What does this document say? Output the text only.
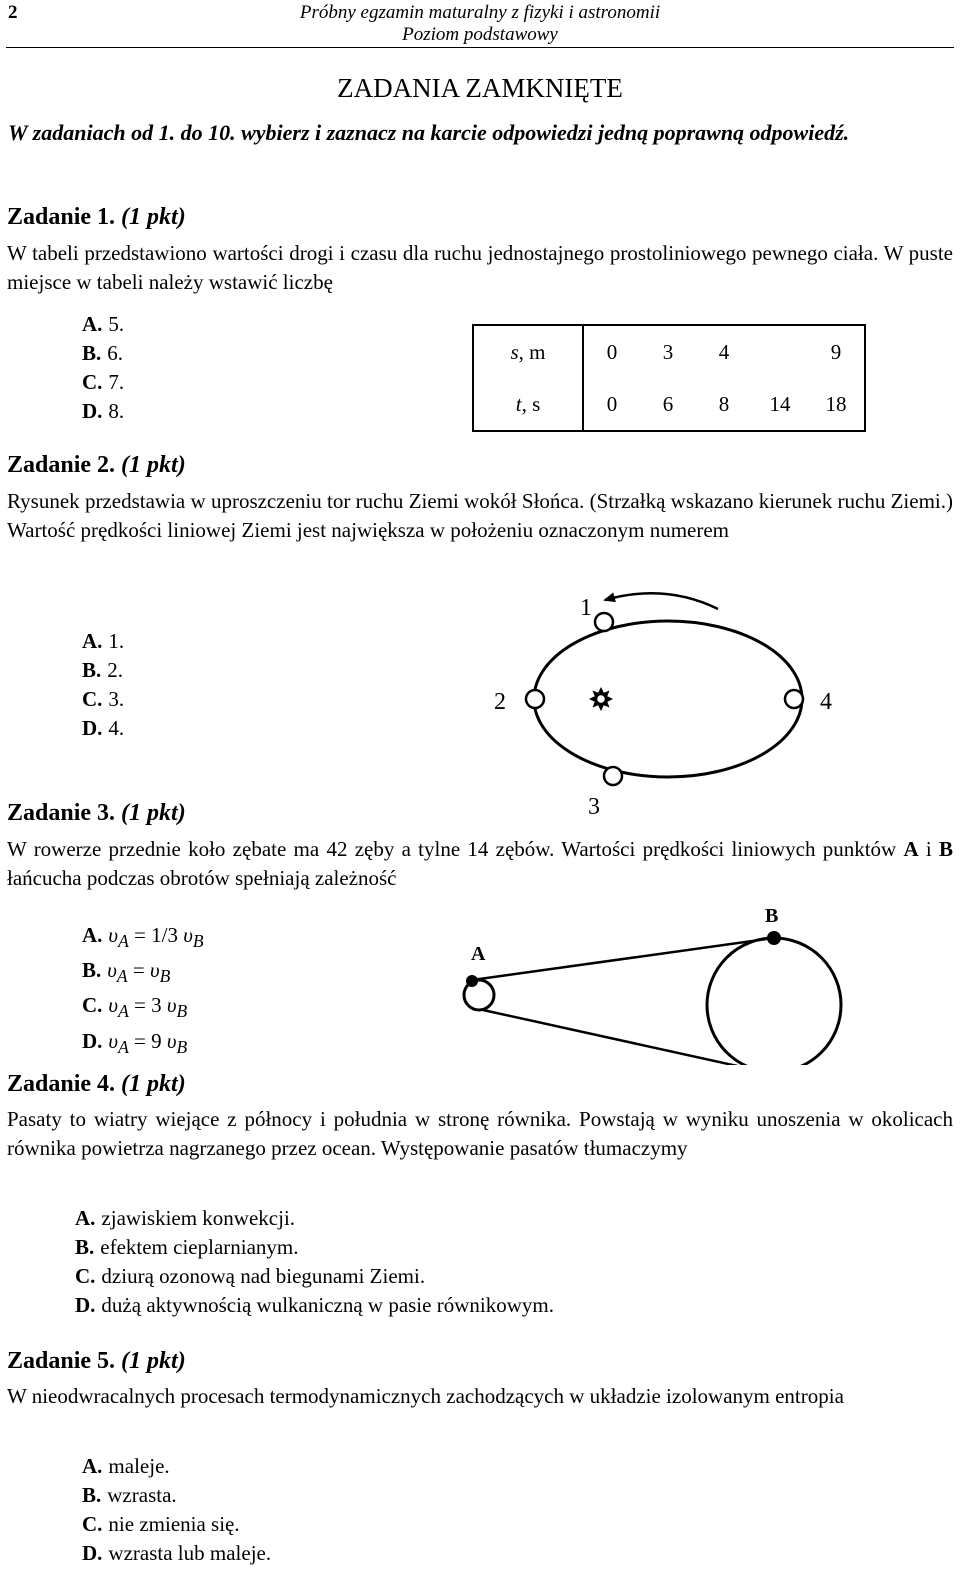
2	Próbny egzamin maturalny z fizyki i astronomii
Poziom podstawowy
ZADANIA ZAMKNIĘTE
W zadaniach od 1. do 10. wybierz i zaznacz na karcie odpowiedzi jedną poprawną odpowiedź.
Zadanie 1. (1 pkt)
W tabeli przedstawiono wartości drogi i czasu dla ruchu jednostajnego prostoliniowego pewnego ciała. W puste miejsce w tabeli należy wstawić liczbę
A. 5.
B. 6.
C. 7.
D. 8.
s, m	0	3	4		9
t, s	0	6	8	14	18
Zadanie 2. (1 pkt)
Rysunek przedstawia w uproszczeniu tor ruchu Ziemi wokół Słońca. (Strzałką wskazano kierunek ruchu Ziemi.) Wartość prędkości liniowej Ziemi jest największa w położeniu oznaczonym numerem
A. 1.
B. 2.
C. 3.
D. 4.
1
2
3
4
Zadanie 3. (1 pkt)
W rowerze przednie koło zębate ma 42 zęby a tylne 14 zębów. Wartości prędkości liniowych punktów A i B łańcucha podczas obrotów spełniają zależność
A. $\upsilon_A = 1/3$ $\upsilon_B$
B. $\upsilon_A = \upsilon_B$
C. $\upsilon_A = 3$ $\upsilon_B$
D. $\upsilon_A = 9$ $\upsilon_B$
A
B
Zadanie 4. (1 pkt)
Pasaty to wiatry wiejące z północy i południa w stronę równika. Powstają w wyniku unoszenia w okolicach równika powietrza nagrzanego przez ocean. Występowanie pasatów tłumaczymy
A. zjawiskiem konwekcji.
B. efektem cieplarnianym.
C. dziurą ozonową nad biegunami Ziemi.
D. dużą aktywnością wulkaniczną w pasie równikowym.
Zadanie 5. (1 pkt)
W nieodwracalnych procesach termodynamicznych zachodzących w układzie izolowanym entropia
A. maleje.
B. wzrasta.
C. nie zmienia się.
D. wzrasta lub maleje.
